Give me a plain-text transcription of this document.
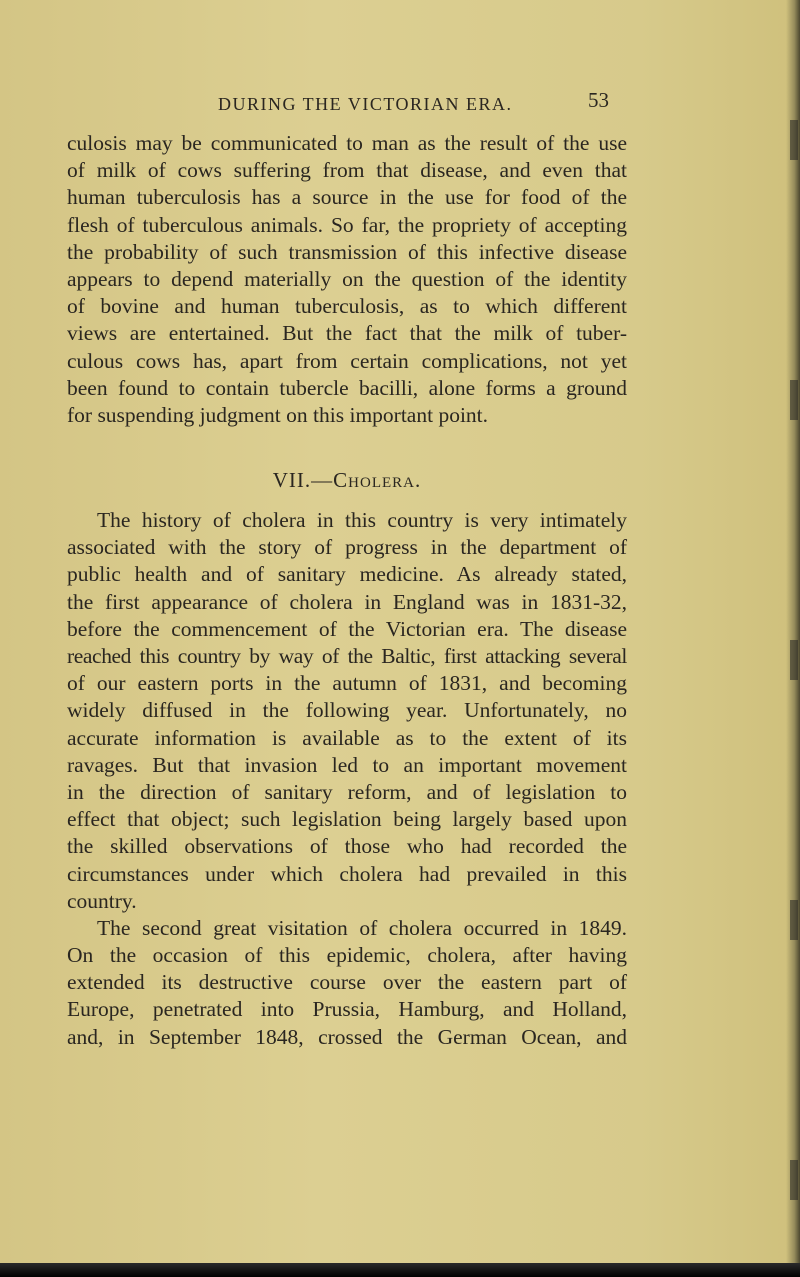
DURING THE VICTORIAN ERA.	53
culosis may be communicated to man as the result of the use
of milk of cows suffering from that disease, and even that
human tuberculosis has a source in the use for food of the
flesh of tuberculous animals. So far, the propriety of accepting
the probability of such transmission of this infective disease
appears to depend materially on the question of the identity
of bovine and human tuberculosis, as to which different
views are entertained. But the fact that the milk of tuber-
culous cows has, apart from certain complications, not yet
been found to contain tubercle bacilli, alone forms a ground
for suspending judgment on this important point.
VII.—Cholera.
The history of cholera in this country is very intimately
associated with the story of progress in the department of
public health and of sanitary medicine. As already stated,
the first appearance of cholera in England was in 1831-32,
before the commencement of the Victorian era. The disease
reached this country by way of the Baltic, first attacking several
of our eastern ports in the autumn of 1831, and becoming
widely diffused in the following year. Unfortunately, no
accurate information is available as to the extent of its
ravages. But that invasion led to an important movement
in the direction of sanitary reform, and of legislation to
effect that object; such legislation being largely based upon
the skilled observations of those who had recorded the
circumstances under which cholera had prevailed in this
country.
The second great visitation of cholera occurred in 1849.
On the occasion of this epidemic, cholera, after having
extended its destructive course over the eastern part of
Europe, penetrated into Prussia, Hamburg, and Holland,
and, in September 1848, crossed the German Ocean, and
